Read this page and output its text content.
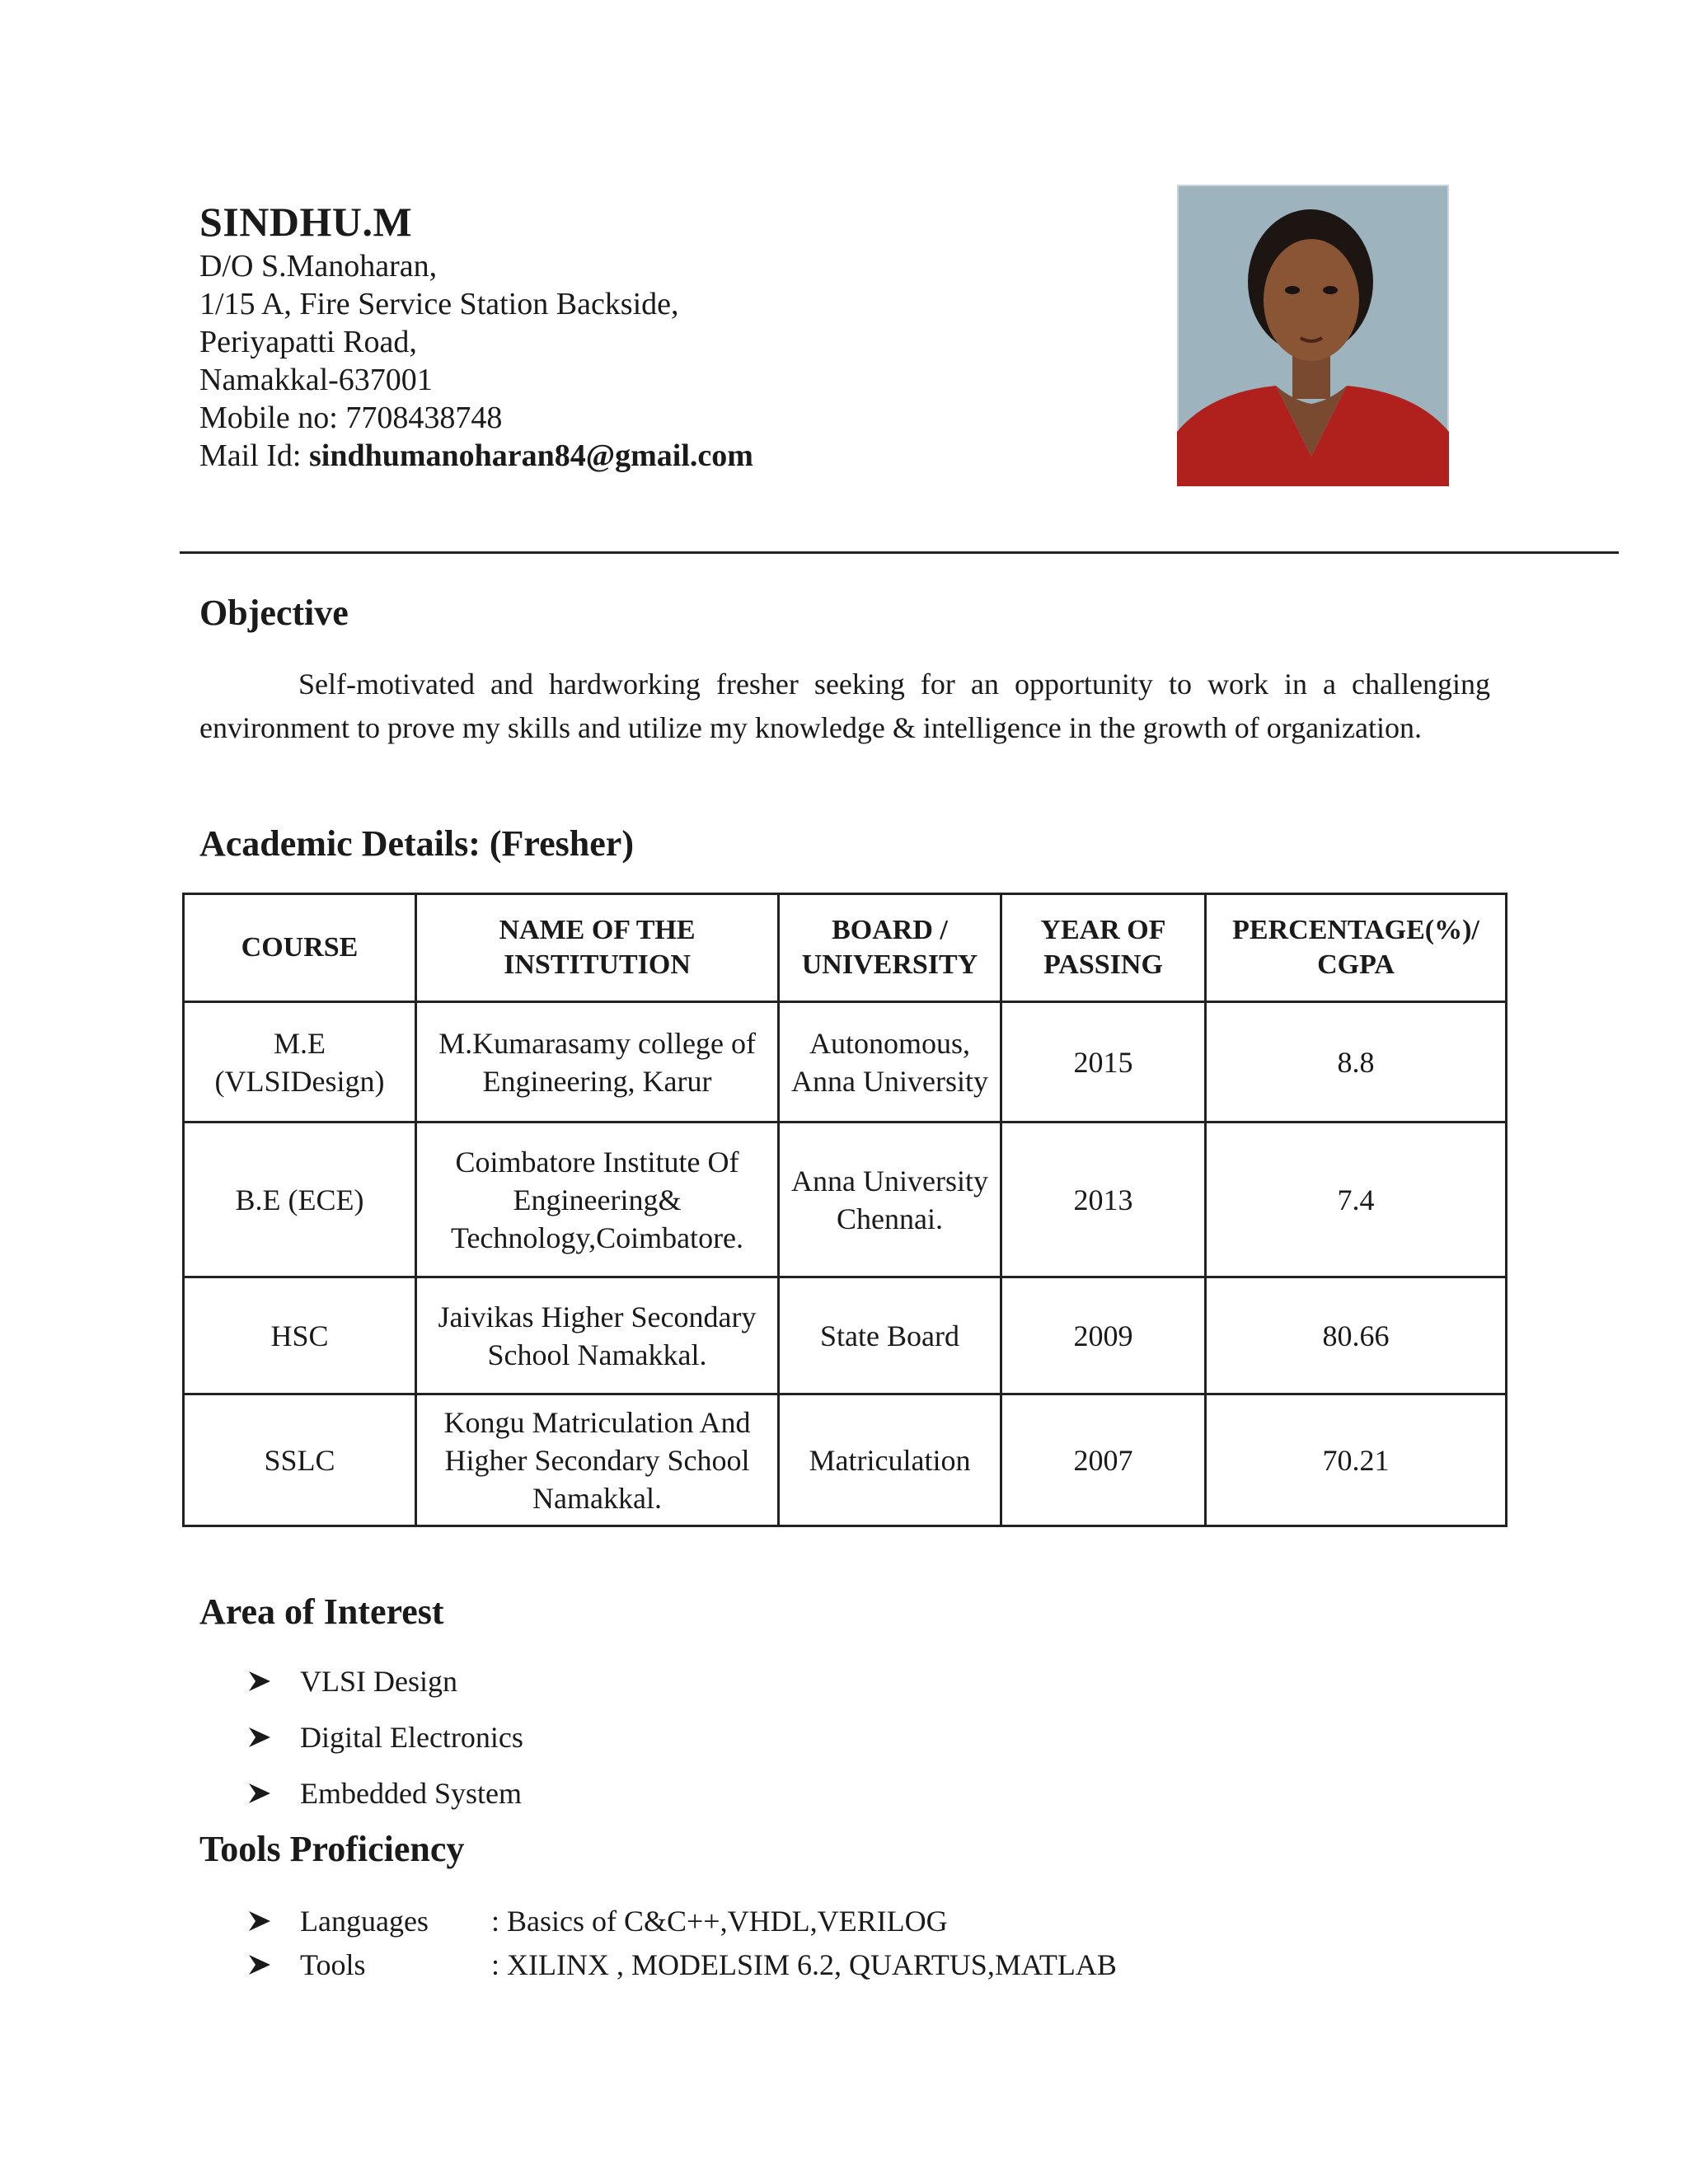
SINDHU.M
D/O S.Manoharan,
1/15 A, Fire Service Station Backside,
Periyapatti Road,
Namakkal-637001
Mobile no: 7708438748
Mail Id: sindhumanoharan84@gmail.com
Objective
Self-motivated and hardworking fresher seeking for an opportunity to work in a challenging environment to prove my skills and utilize my knowledge & intelligence in the growth of organization.
Academic Details: (Fresher)
COURSE	NAME OF THE INSTITUTION	BOARD / UNIVERSITY	YEAR OF PASSING	PERCENTAGE(%)/ CGPA
M.E (VLSIDesign)	M.Kumarasamy college of Engineering, Karur	Autonomous, Anna University	2015	8.8
B.E (ECE)	Coimbatore Institute Of Engineering& Technology,Coimbatore.	Anna University Chennai.	2013	7.4
HSC	Jaivikas Higher Secondary School Namakkal.	State Board	2009	80.66
SSLC	Kongu Matriculation And Higher Secondary School Namakkal.	Matriculation	2007	70.21
Area of Interest
VLSI Design
Digital Electronics
Embedded System
Tools Proficiency
Languages	: Basics of C&C++,VHDL,VERILOG
Tools	: XILINX , MODELSIM 6.2, QUARTUS,MATLAB
